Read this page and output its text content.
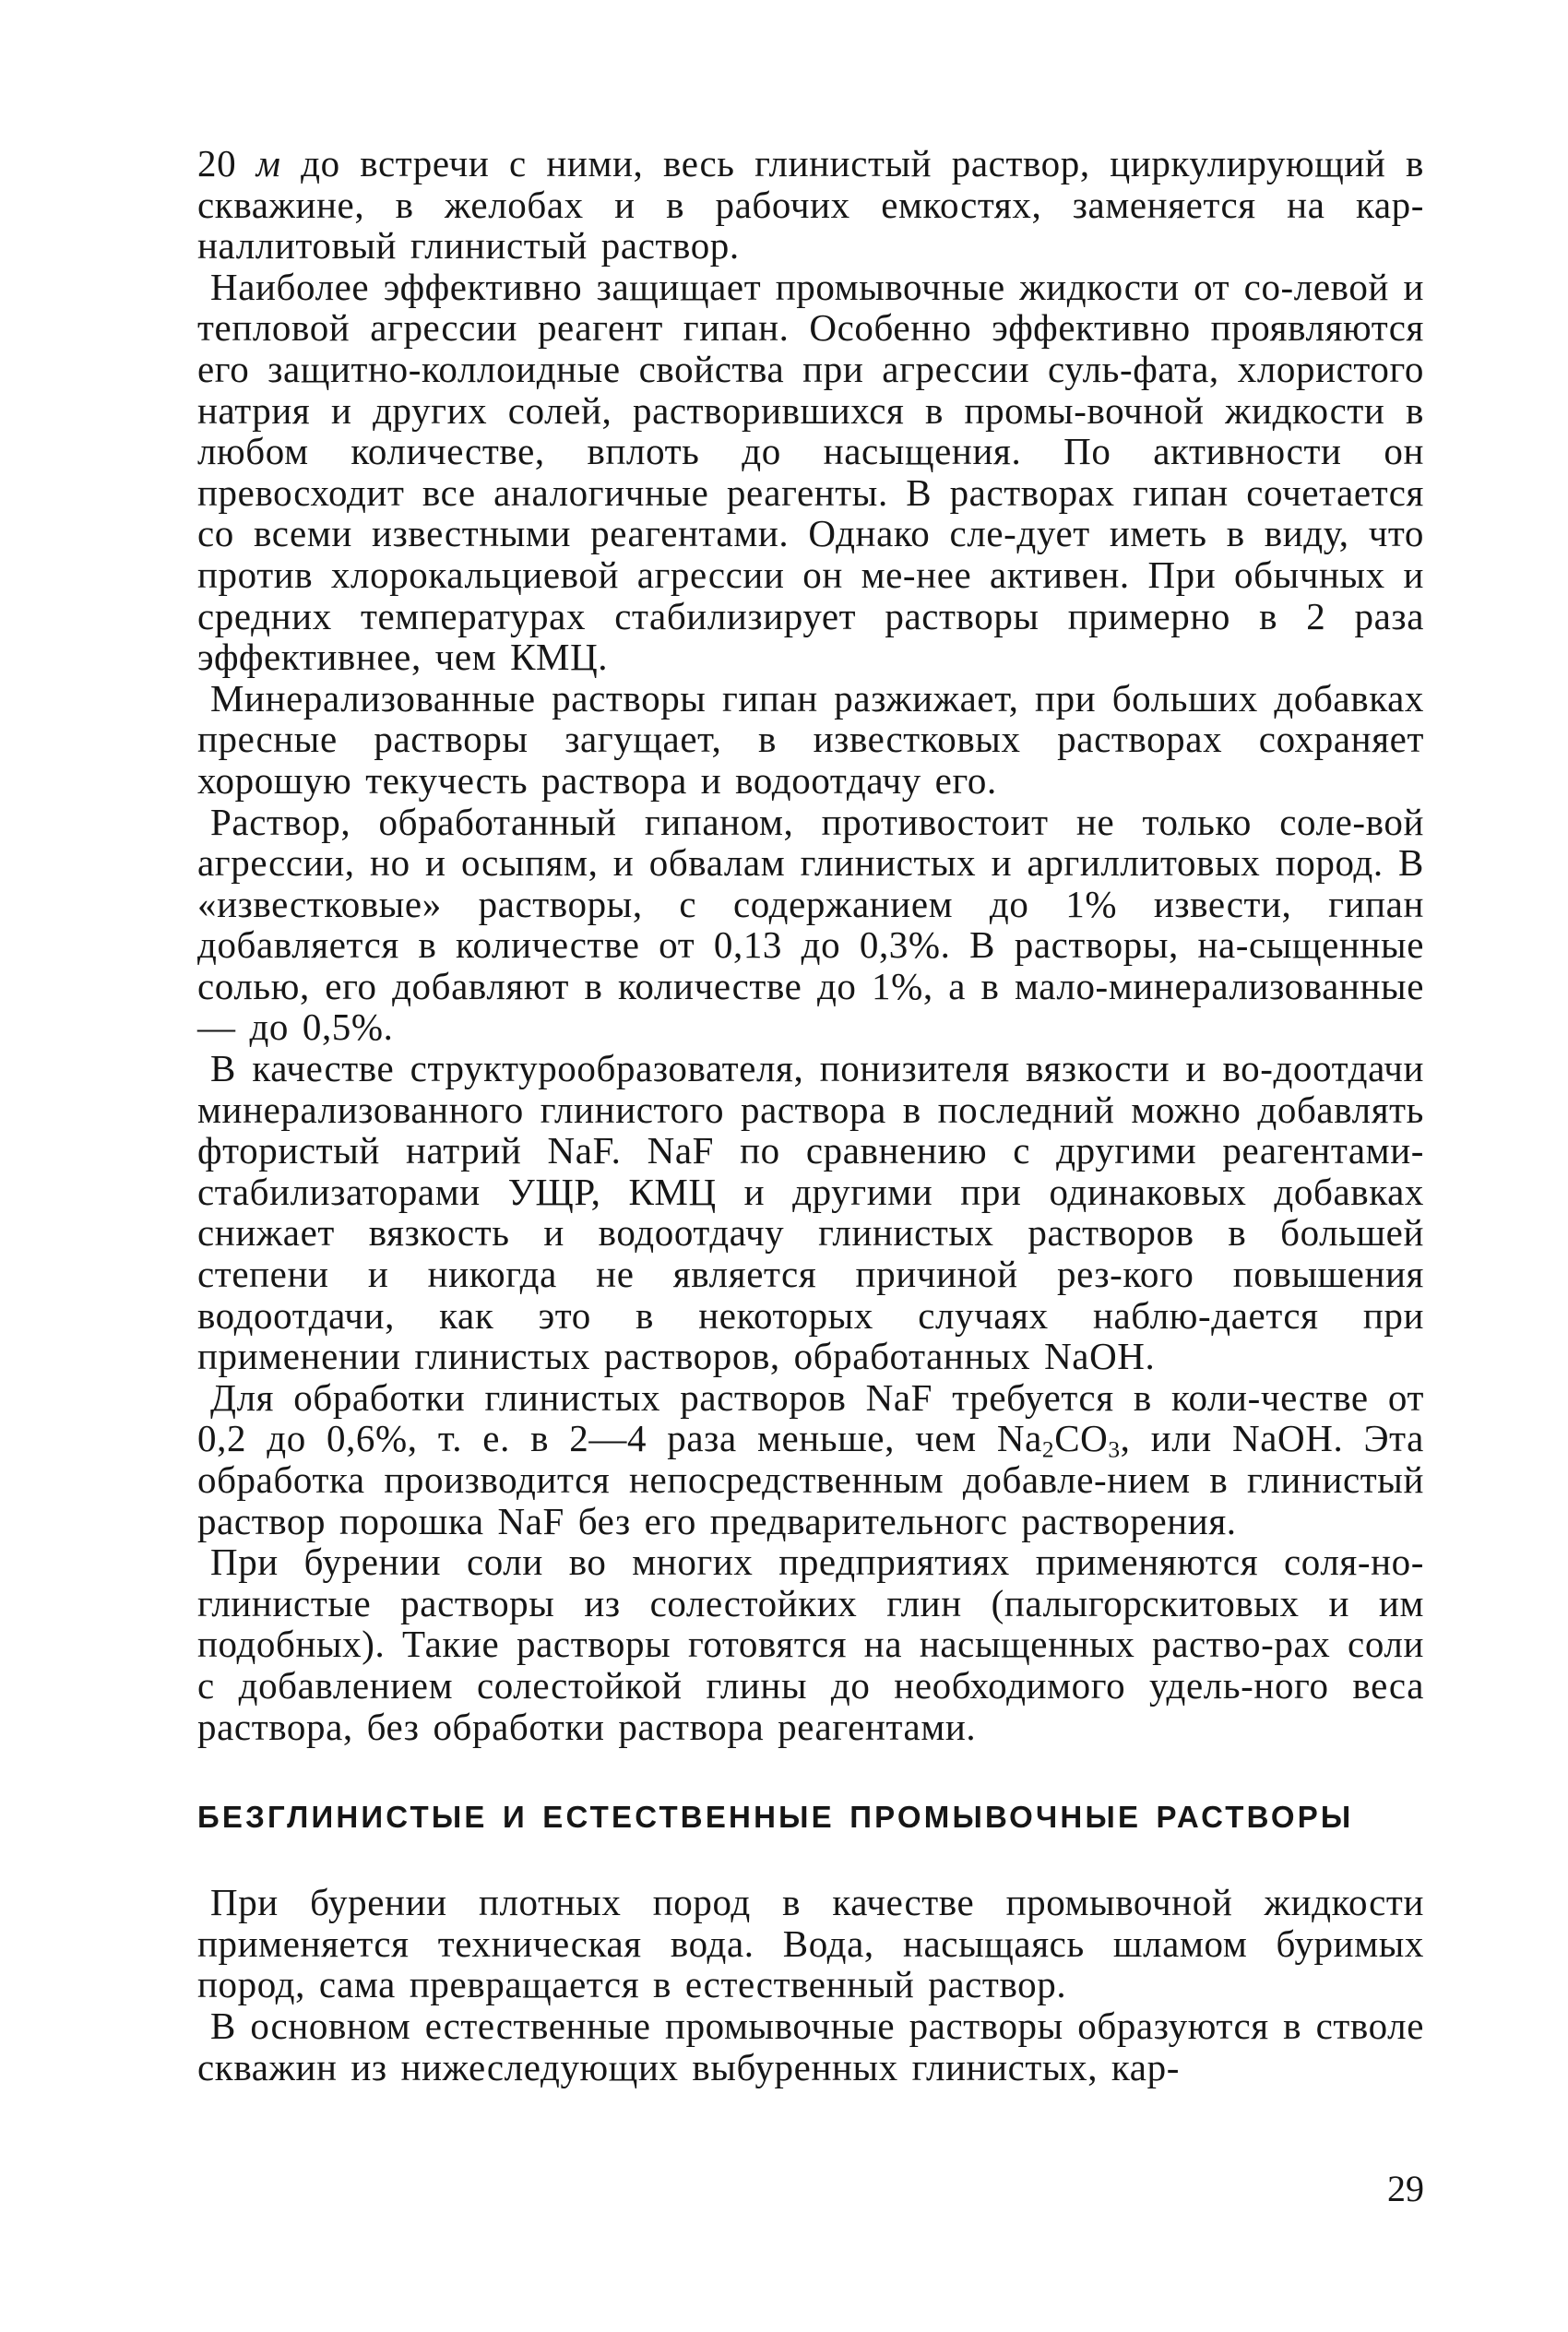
20 м до встречи с ними, весь глинистый раствор, циркулирующий в скважине, в желобах и в рабочих емкостях, заменяется на кар-наллитовый глинистый раствор.

Наиболее эффективно защищает промывочные жидкости от со-левой и тепловой агрессии реагент гипан. Особенно эффективно проявляются его защитно-коллоидные свойства при агрессии суль-фата, хлористого натрия и других солей, растворившихся в промы-вочной жидкости в любом количестве, вплоть до насыщения. По активности он превосходит все аналогичные реагенты. В растворах гипан сочетается со всеми известными реагентами. Однако сле-дует иметь в виду, что против хлорокальциевой агрессии он ме-нее активен. При обычных и средних температурах стабилизирует растворы примерно в 2 раза эффективнее, чем КМЦ.

Минерализованные растворы гипан разжижает, при больших добавках пресные растворы загущает, в известковых растворах сохраняет хорошую текучесть раствора и водоотдачу его.

Раствор, обработанный гипаном, противостоит не только соле-вой агрессии, но и осыпям, и обвалам глинистых и аргиллитовых пород. В «известковые» растворы, с содержанием до 1% извести, гипан добавляется в количестве от 0,13 до 0,3%. В растворы, на-сыщенные солью, его добавляют в количестве до 1%, а в мало-минерализованные — до 0,5%.

В качестве структурообразователя, понизителя вязкости и во-доотдачи минерализованного глинистого раствора в последний можно добавлять фтористый натрий NaF. NaF по сравнению с другими реагентами-стабилизаторами УЩР, КМЦ и другими при одинаковых добавках снижает вязкость и водоотдачу глинистых растворов в большей степени и никогда не является причиной рез-кого повышения водоотдачи, как это в некоторых случаях наблю-дается при применении глинистых растворов, обработанных NaOH.

Для обработки глинистых растворов NaF требуется в коли-честве от 0,2 до 0,6%, т. е. в 2—4 раза меньше, чем $Na_2CO_3$, или NaOH. Эта обработка производится непосредственным добавле-нием в глинистый раствор порошка NaF без его предварительногс растворения.

При бурении соли во многих предприятиях применяются соля-но-глинистые растворы из солестойких глин (палыгорскитовых и им подобных). Такие растворы готовятся на насыщенных раство-рах соли с добавлением солестойкой глины до необходимого удель-ного веса раствора, без обработки раствора реагентами.

БЕЗГЛИНИСТЫЕ И ЕСТЕСТВЕННЫЕ ПРОМЫВОЧНЫЕ РАСТВОРЫ

При бурении плотных пород в качестве промывочной жидкости применяется техническая вода. Вода, насыщаясь шламом буримых пород, сама превращается в естественный раствор.

В основном естественные промывочные растворы образуются в стволе скважин из нижеследующих выбуренных глинистых, кар-

29
